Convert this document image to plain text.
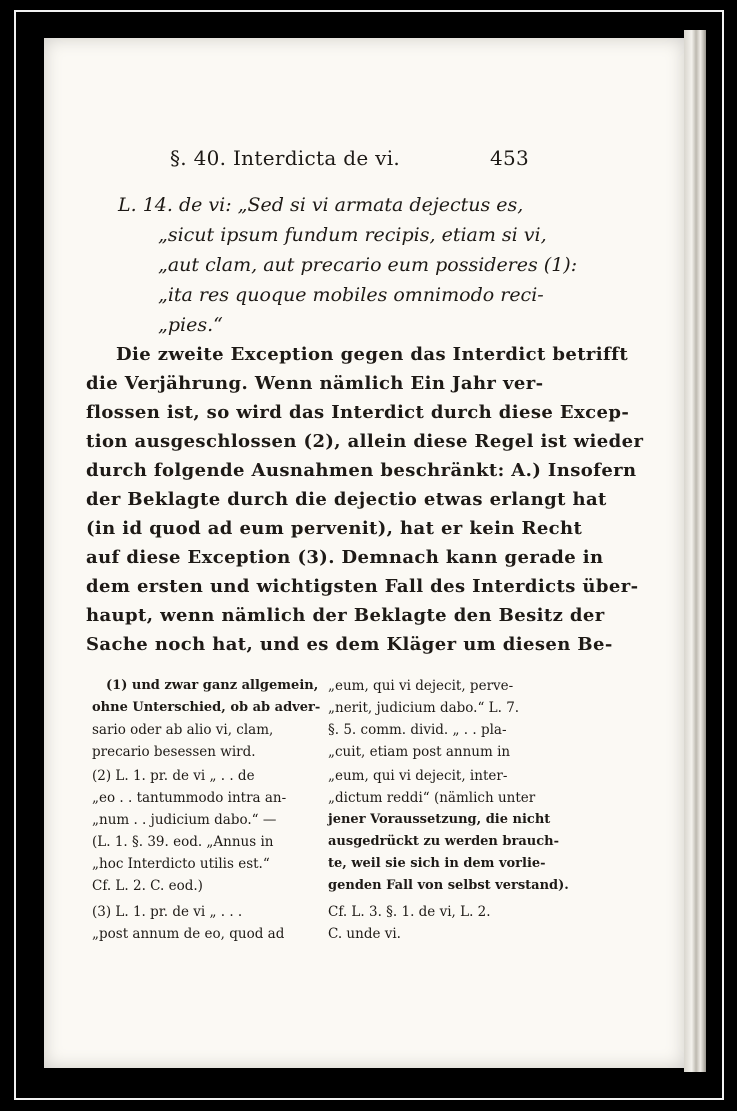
§. 40. Interdicta de vi.	453
L. 14. de vi: „Sed si vi armata dejectus es,
„sicut ipsum fundum recipis, etiam si vi,
„aut clam, aut precario eum possideres (1):
„ita res quoque mobiles omnimodo reci-
„pies.“
Die zweite Exception gegen das Interdict betrifft
die Verjährung. Wenn nämlich Ein Jahr ver-
flossen ist, so wird das Interdict durch diese Excep-
tion ausgeschlossen (2), allein diese Regel ist wieder
durch folgende Ausnahmen beschränkt: A.) Insofern
der Beklagte durch die dejectio etwas erlangt hat
(in id quod ad eum pervenit), hat er kein Recht
auf diese Exception (3). Demnach kann gerade in
dem ersten und wichtigsten Fall des Interdicts über-
haupt, wenn nämlich der Beklagte den Besitz der
Sache noch hat, und es dem Kläger um diesen Be-
(1) und zwar ganz allgemein,
ohne Unterschied, ob ab adver-
sario oder ab alio vi, clam,
precario besessen wird.
(2) L. 1. pr. de vi „ . . de
„eo . . tantummodo intra an-
„num . . judicium dabo.“ —
(L. 1. §. 39. eod. „Annus in
„hoc Interdicto utilis est.“
Cf. L. 2. C. eod.)
(3) L. 1. pr. de vi „ . . .
„post annum de eo, quod ad
„eum, qui vi dejecit, perve-
„nerit, judicium dabo.“ L. 7.
§. 5. comm. divid. „ . . pla-
„cuit, etiam post annum in
„eum, qui vi dejecit, inter-
„dictum reddi“ (nämlich unter
jener Voraussetzung, die nicht
ausgedrückt zu werden brauch-
te, weil sie sich in dem vorlie-
genden Fall von selbst verstand).
Cf. L. 3. §. 1. de vi, L. 2.
C. unde vi.
